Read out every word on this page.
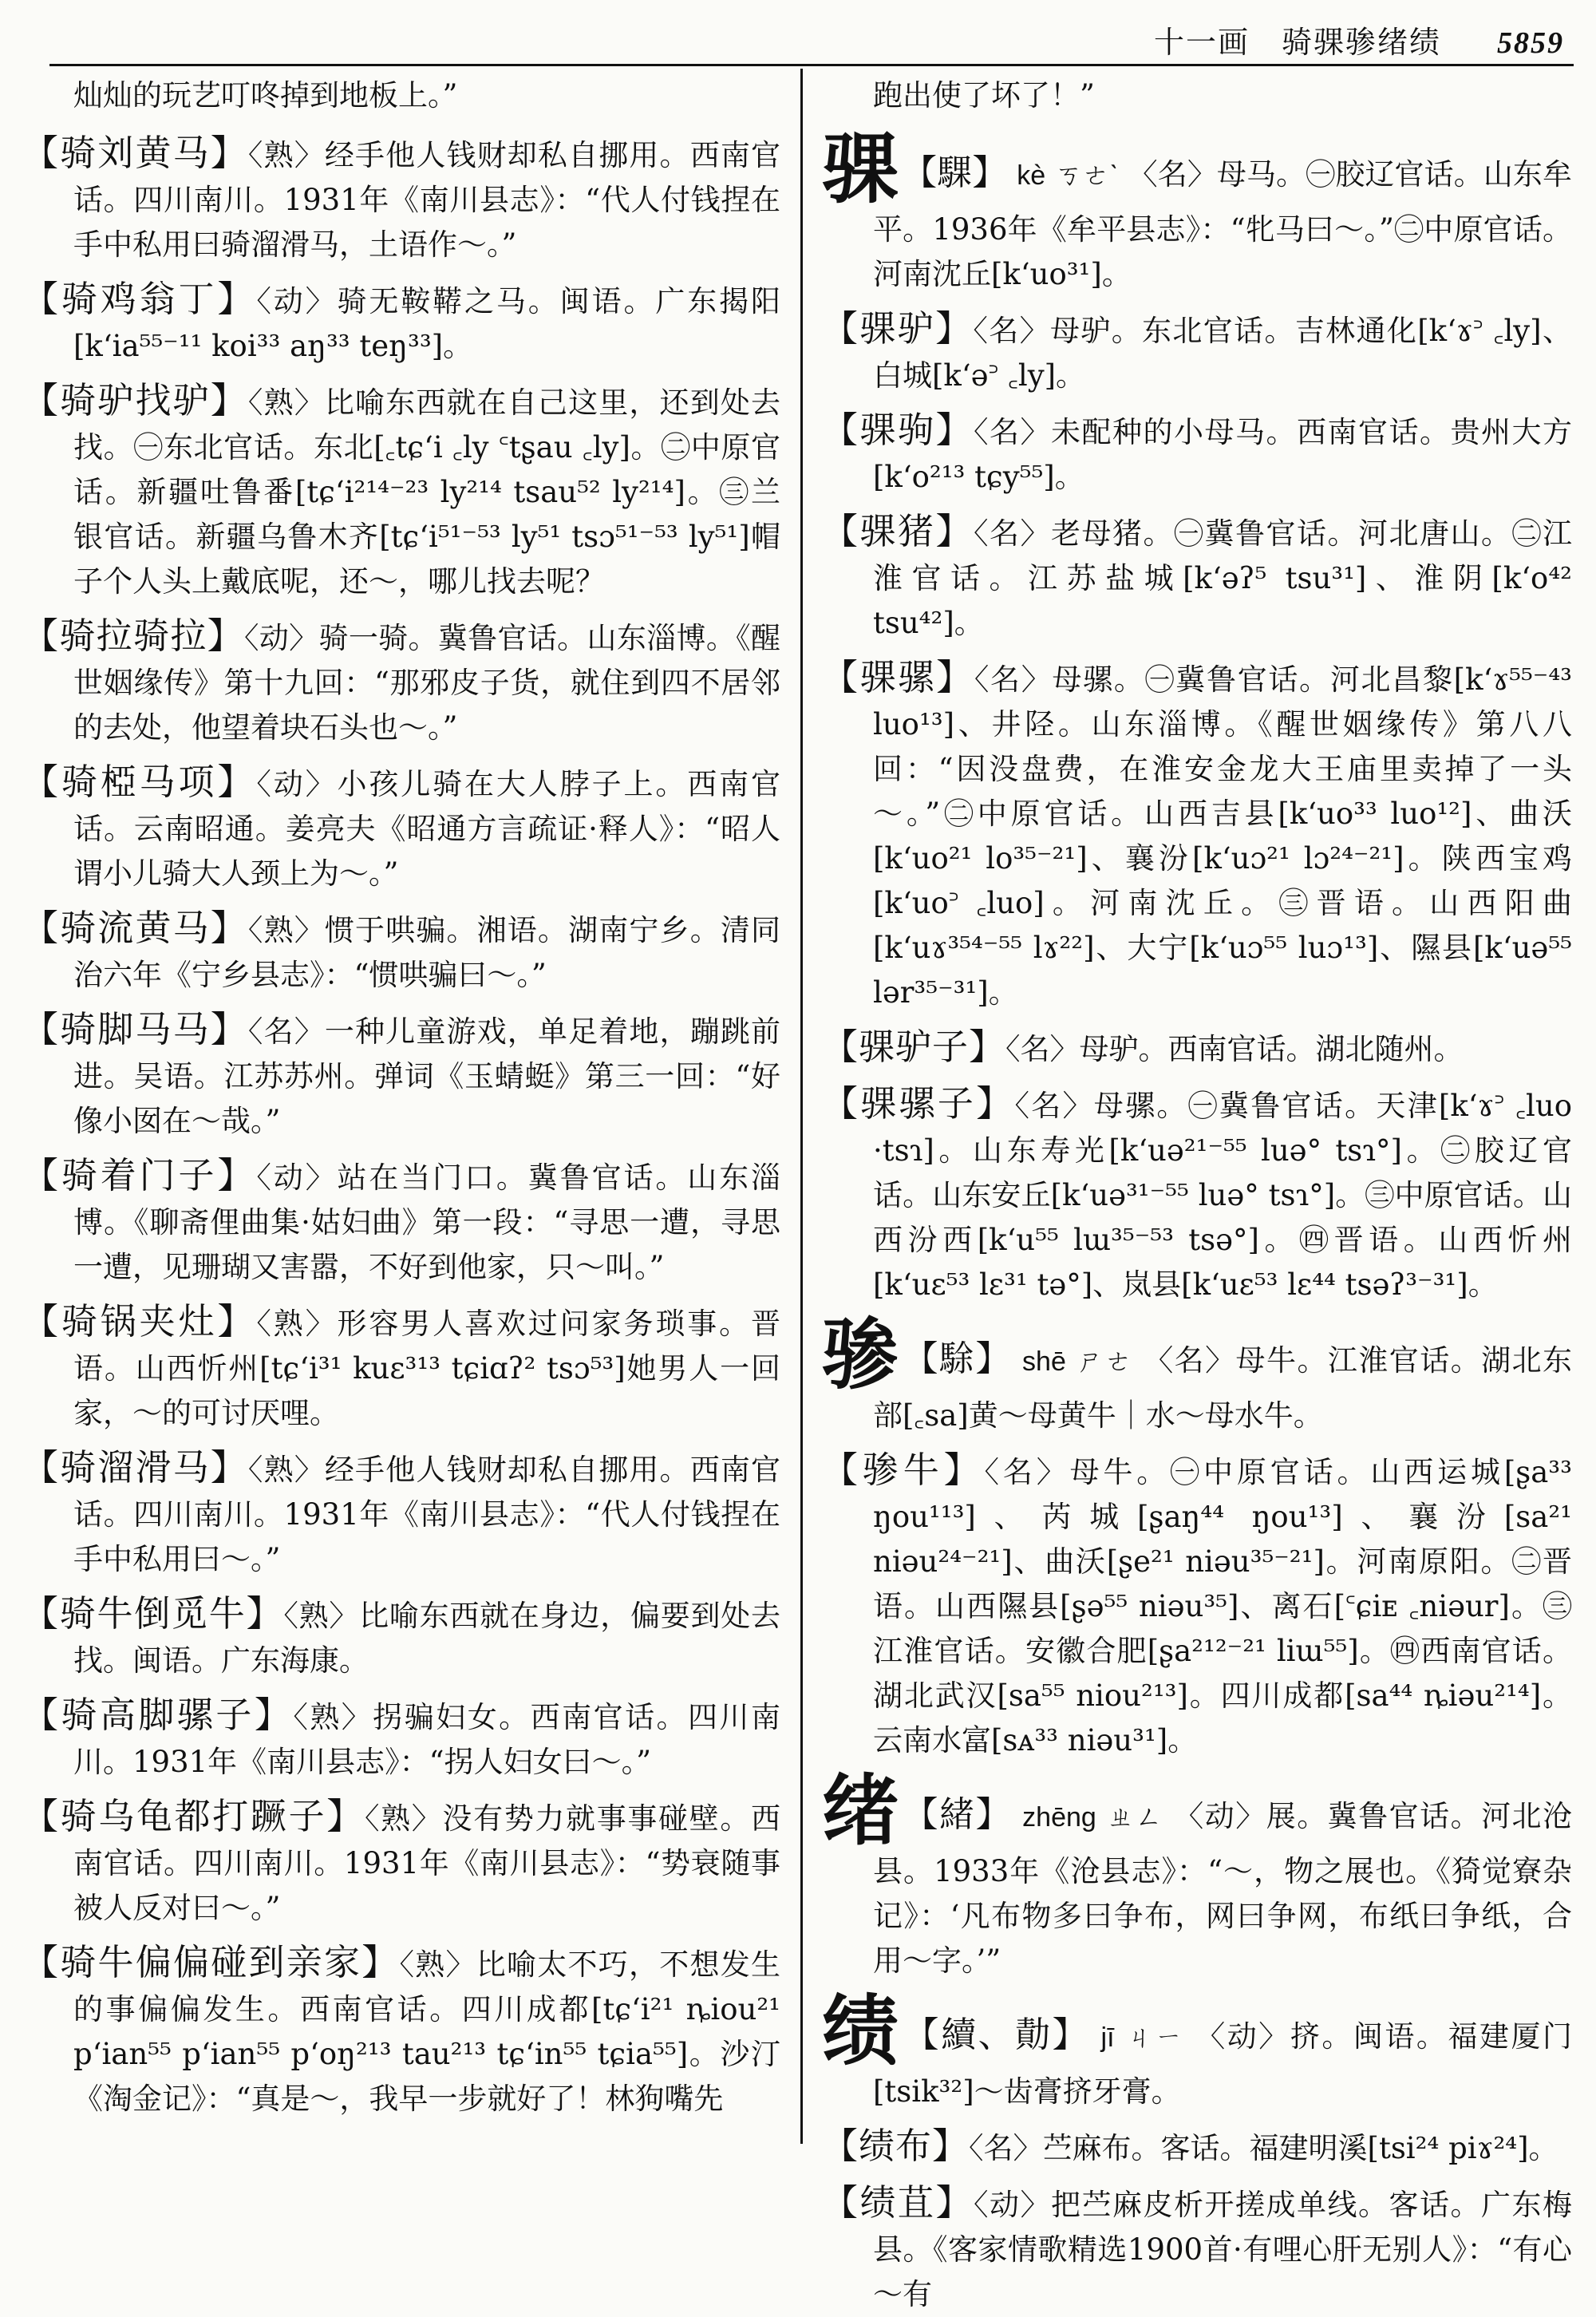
十一画 骑骒骖绪绩 5859

灿灿的玩艺叮咚掉到地板上。”

【骑刘黄马】〈熟〉经手他人钱财却私自挪用。西南官话。四川南川。1931年《南川县志》：“代人付钱捏在手中私用曰骑溜滑马，土语作～。”

【骑鸡翁丁】〈动〉骑无鞍鞯之马。闽语。广东揭阳[kʻia⁵⁵⁻¹¹ koi³³ aŋ³³ teŋ³³]。

【骑驴找驴】〈熟〉比喻东西就在自己这里，还到处去找。㊀东北官话。东北[꜀tɕʻi ꜀ly ꜂tʂau ꜀ly]。㊁中原官话。新疆吐鲁番[tɕʻi²¹⁴⁻²³ ly²¹⁴ tsau⁵² ly²¹⁴]。㊂兰银官话。新疆乌鲁木齐[tɕʻi⁵¹⁻⁵³ ly⁵¹ tsɔ⁵¹⁻⁵³ ly⁵¹]帽子个人头上戴底呢，还～，哪儿找去呢？

【骑拉骑拉】〈动〉骑一骑。冀鲁官话。山东淄博。《醒世姻缘传》第十九回：“那邪皮子货，就住到四不居邻的去处，他望着块石头也～。”

【骑椏马项】〈动〉小孩儿骑在大人脖子上。西南官话。云南昭通。姜亮夫《昭通方言疏证·释人》：“昭人谓小儿骑大人颈上为～。”

【骑流黄马】〈熟〉惯于哄骗。湘语。湖南宁乡。清同治六年《宁乡县志》：“惯哄骗曰～。”

【骑脚马马】〈名〉一种儿童游戏，单足着地，蹦跳前进。吴语。江苏苏州。弹词《玉蜻蜓》第三一回：“好像小囡在～哉。”

【骑着门子】〈动〉站在当门口。冀鲁官话。山东淄博。《聊斋俚曲集·姑妇曲》第一段：“寻思一遭，寻思一遭，见珊瑚又害嚣，不好到他家，只～叫。”

【骑锅夹灶】〈熟〉形容男人喜欢过问家务琐事。晋语。山西忻州[tɕʻi³¹ kuɛ³¹³ tɕiɑʔ² tsɔ⁵³]她男人一回家，～的可讨厌哩。

【骑溜滑马】〈熟〉经手他人钱财却私自挪用。西南官话。四川南川。1931年《南川县志》：“代人付钱捏在手中私用曰～。”

【骑牛倒觅牛】〈熟〉比喻东西就在身边，偏要到处去找。闽语。广东海康。

【骑高脚骡子】〈熟〉拐骗妇女。西南官话。四川南川。1931年《南川县志》：“拐人妇女曰～。”

【骑乌龟都打蹶子】〈熟〉没有势力就事事碰壁。西南官话。四川南川。1931年《南川县志》：“势衰随事被人反对曰～。”

【骑牛偏偏碰到亲家】〈熟〉比喻太不巧，不想发生的事偏偏发生。西南官话。四川成都[tɕʻi²¹ ȵiou²¹ pʻian⁵⁵ pʻian⁵⁵ pʻoŋ²¹³ tau²¹³ tɕʻin⁵⁵ tɕia⁵⁵]。沙汀《淘金记》：“真是～，我早一步就好了！林狗嘴先

跑出使了坏了！”

骒【騍】 kè ㄎㄜˋ 〈名〉母马。㊀胶辽官话。山东牟平。1936年《牟平县志》：“牝马曰～。”㊁中原官话。河南沈丘[kʻuo³¹]。

【骒驴】〈名〉母驴。东北官话。吉林通化[kʻɤ꜄ ꜀ly]、白城[kʻə꜄ ꜀ly]。

【骒驹】〈名〉未配种的小母马。西南官话。贵州大方[kʻo²¹³ tɕy⁵⁵]。

【骒猪】〈名〉老母猪。㊀冀鲁官话。河北唐山。㊁江淮官话。江苏盐城[kʻəʔ⁵ tsu³¹]、淮阴[kʻo⁴² tsu⁴²]。

【骒骡】〈名〉母骡。㊀冀鲁官话。河北昌黎[kʻɤ⁵⁵⁻⁴³ luo¹³]、井陉。山东淄博。《醒世姻缘传》第八八回：“因没盘费，在淮安金龙大王庙里卖掉了一头～。”㊁中原官话。山西吉县[kʻuo³³ luo¹²]、曲沃[kʻuo²¹ lo³⁵⁻²¹]、襄汾[kʻuɔ²¹ lɔ²⁴⁻²¹]。陕西宝鸡[kʻuo꜄ ꜀luo]。河南沈丘。㊂晋语。山西阳曲[kʻuɤ³⁵⁴⁻⁵⁵ lɤ²²]、大宁[kʻuɔ⁵⁵ luɔ¹³]、隰县[kʻuə⁵⁵ lər³⁵⁻³¹]。

【骒驴子】〈名〉母驴。西南官话。湖北随州。

【骒骡子】〈名〉母骡。㊀冀鲁官话。天津[kʻɤ꜄ ꜀luo ·tsɿ]。山东寿光[kʻuə²¹⁻⁵⁵ luə° tsɿ°]。㊁胶辽官话。山东安丘[kʻuə³¹⁻⁵⁵ luə° tsɿ°]。㊂中原官话。山西汾西[kʻu⁵⁵ lɯ³⁵⁻⁵³ tsə°]。㊃晋语。山西忻州[kʻuɛ⁵³ lɛ³¹ tə°]、岚县[kʻuɛ⁵³ lɛ⁴⁴ tsəʔ³⁻³¹]。

骖【駼】 shē ㄕㄜ 〈名〉母牛。江淮官话。湖北东部[꜀sa]黄～母黄牛｜水～母水牛。

【骖牛】〈名〉母牛。㊀中原官话。山西运城[ʂa³³ ŋou¹¹³]、芮城[ʂaŋ⁴⁴ ŋou¹³]、襄汾[sa²¹ niəu²⁴⁻²¹]、曲沃[ʂe²¹ niəu³⁵⁻²¹]。河南原阳。㊁晋语。山西隰县[ʂə⁵⁵ niəu³⁵]、离石[꜂ɕiᴇ ꜀niəur]。㊂江淮官话。安徽合肥[ʂa²¹²⁻²¹ liɯ⁵⁵]。㊃西南官话。湖北武汉[sa⁵⁵ niou²¹³]。四川成都[sa⁴⁴ ȵiəu²¹⁴]。云南水富[sᴀ³³ niəu³¹]。

绪【緒】 zhēng ㄓㄥ 〈动〉展。冀鲁官话。河北沧县。1933年《沧县志》：“～，物之展也。《猗觉寮杂记》：‘凡布物多曰争布，网曰争网，布纸曰争纸，合用～字。’”

绩【續、勣】 jī ㄐㄧ 〈动〉挤。闽语。福建厦门[tsik³²]～齿膏挤牙膏。

【绩布】〈名〉苎麻布。客话。福建明溪[tsi²⁴ piɤ²⁴]。

【绩苴】〈动〉把苎麻皮析开搓成单线。客话。广东梅县。《客家情歌精选1900首·有哩心肝无别人》：“有心～有
